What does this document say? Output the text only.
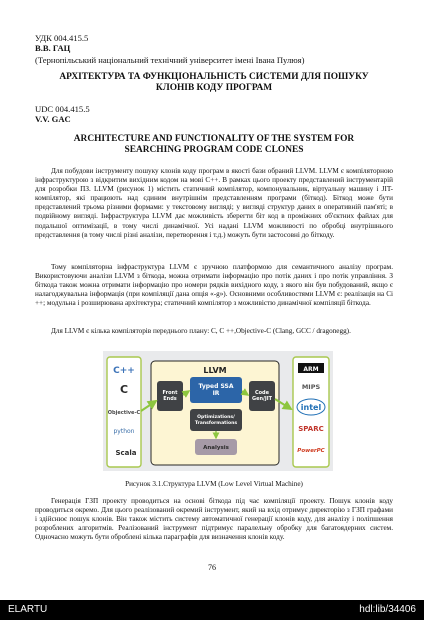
УДК 004.415.5

В.В. ГАЦ

(Тернопільський національний технічний університет імені Івана Пулюя)

АРХІТЕКТУРА ТА ФУНКЦІОНАЛЬНІСТЬ СИСТЕМИ ДЛЯ ПОШУКУ

КЛОНІВ КОДУ ПРОГРАМ

UDC 004.415.5

V.V. GAC

ARCHITECTURE AND FUNCTIONALITY OF THE SYSTEM FOR

SEARCHING PROGRAM CODE CLONES

Для побудови інструменту пошуку клонів коду програм в якості бази обраний LLVM. LLVM є компіляторною інфраструктурою з відкритим вихідним кодом на мові C++. В рамках цього проекту представлений інструментарій для розробки ПЗ. LLVM (рисунок 1) містить статичний компілятор, компонувальник, віртуальну машину і JIT-компілятор, які працюють над єдиним внутрішнім представленням програми (бiткод). Біткод може бути представлений трьома різними формами: у текстовому вигляді; у вигляді структур даних в оперативній пам'яті; в подвійному вигляді. Інфраструктура LLVM дає можливість зберегти біт код в проміжних об'єктних файлах для подальшої оптимізації, в тому числі динамічної. Усі надані LLVM можливості по обробці внутрішнього представлення (в тому числі різні аналізи, перетворення і т.д.) можуть бути застосовні до біткоду.

Тому компіляторна інфраструктура LLVM є зручною платформою для семантичного аналізу програм. Використовуючи аналізи LLVM з біткода, можна отримати інформацію про потік даних і про потік управління. З біткода також можна отримати інформацію про номери рядків вихідного коду, з якого він був побудований, якщо є налагоджувальна інформація (при компіляції дана опція «-g»). Основними особливостями LLVM є: реалізація на Сі ++; модульна і розширювана архітектура; статичний компілятор з можливістю динамічної компіляції біткода.

Для LLVM є кілька компіляторів переднього плану: C, C ++,Objective-C (Clang, GCC / dragonegg).

C++
C
Objective-C
python
Scala
LLVM
Front Ends
Typed SSA IR
Optimizations/ Transformations
Analysis
Code Gen/JIT
ARM
MIPS
intel
SPARC
PowerPC

Рисунок 3.1.Структура LLVM (Low Level Virtual Machine)

Генерація ГЗП проекту проводиться на основі біткода під час компіляції проекту. Пошук клонів коду проводиться окремо. Для цього реалізований окремий інструмент, який на вхід отримує директорію з ГЗП графами і здійснює пошук клонів. Він також містить систему автоматичної генерації клонів коду, для аналізу і поліпшення розроблених алгоритмів. Реалізований інструмент підтримує паралельну обробку для багатоядерних систем. Одночасно можуть бути оброблені кілька параграфів для визначення клонів коду.

76
ELARTU	hdl:lib/34406
